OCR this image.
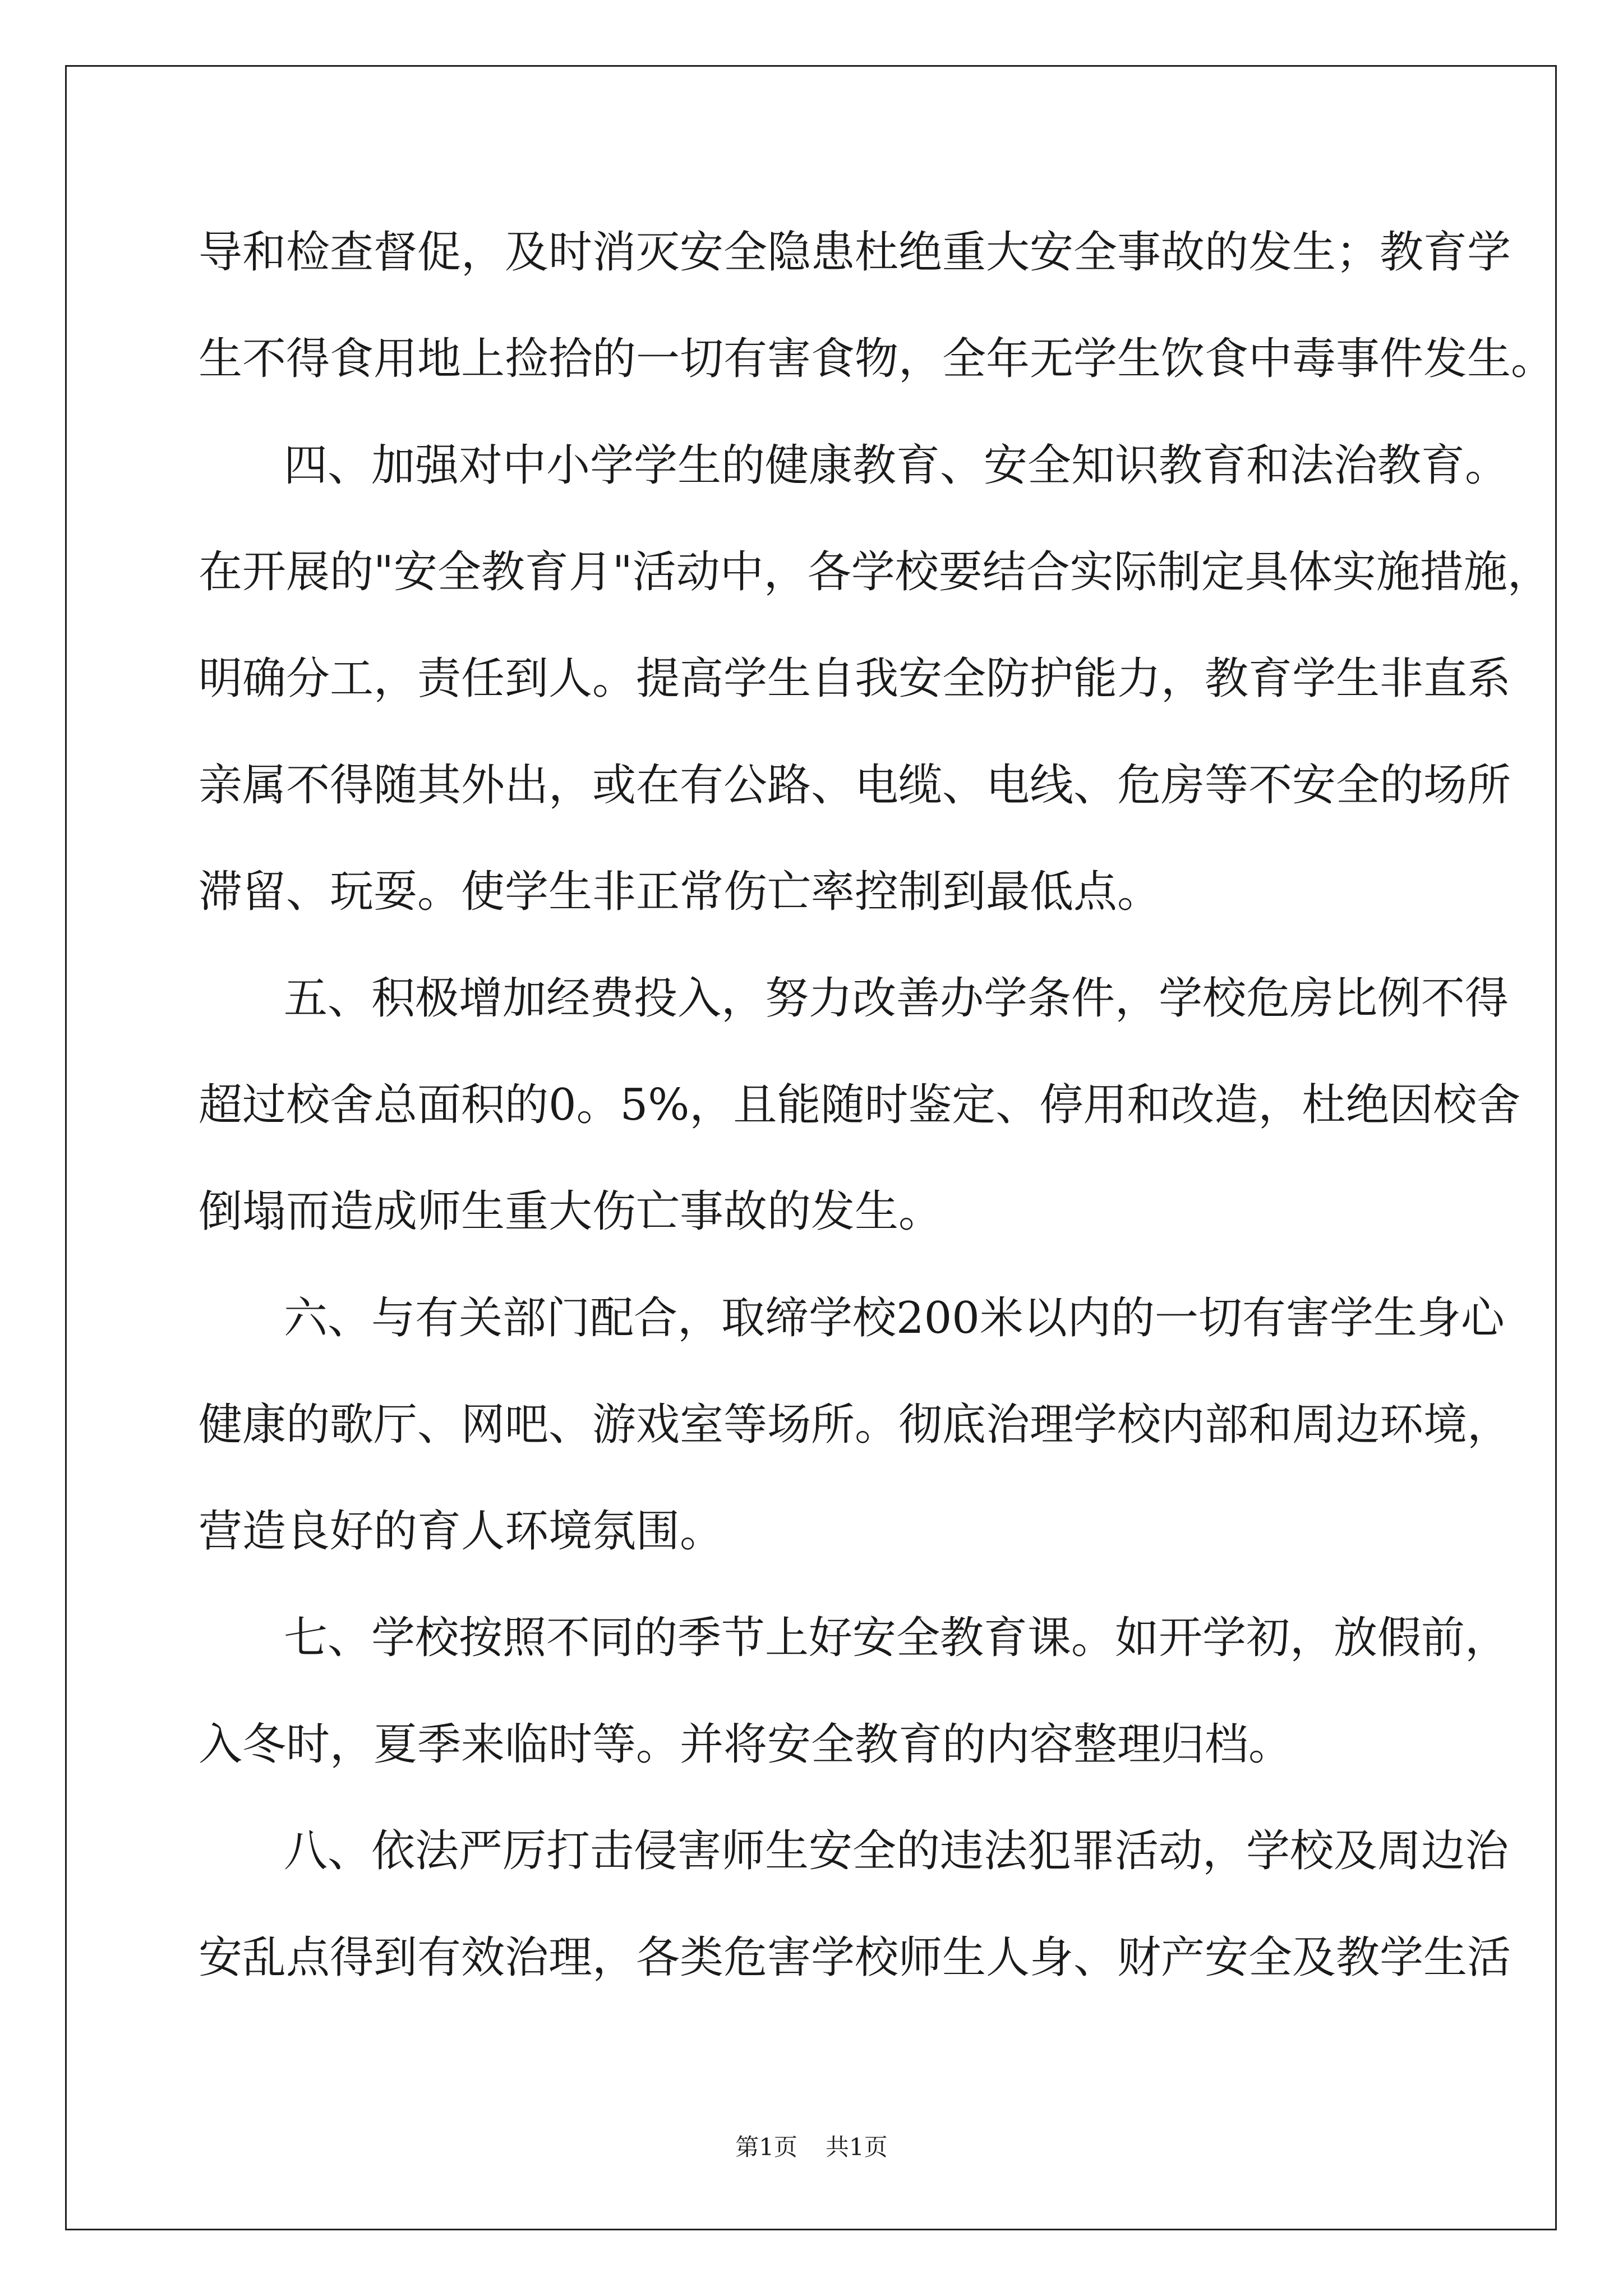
导和检查督促，及时消灭安全隐患杜绝重大安全事故的发生；教育学
生不得食用地上捡拾的一切有害食物，全年无学生饮食中毒事件发生。
四、加强对中小学学生的健康教育、安全知识教育和法治教育。
在开展的"安全教育月"活动中，各学校要结合实际制定具体实施措施，
明确分工，责任到人。提高学生自我安全防护能力，教育学生非直系
亲属不得随其外出，或在有公路、电缆、电线、危房等不安全的场所
滞留、玩耍。使学生非正常伤亡率控制到最低点。
五、积极增加经费投入，努力改善办学条件，学校危房比例不得
超过校舍总面积的0。5%，且能随时鉴定、停用和改造，杜绝因校舍
倒塌而造成师生重大伤亡事故的发生。
六、与有关部门配合，取缔学校200米以内的一切有害学生身心
健康的歌厅、网吧、游戏室等场所。彻底治理学校内部和周边环境，
营造良好的育人环境氛围。
七、学校按照不同的季节上好安全教育课。如开学初，放假前，
入冬时，夏季来临时等。并将安全教育的内容整理归档。
八、依法严厉打击侵害师生安全的违法犯罪活动，学校及周边治
安乱点得到有效治理，各类危害学校师生人身、财产安全及教学生活
第1页 共1页
